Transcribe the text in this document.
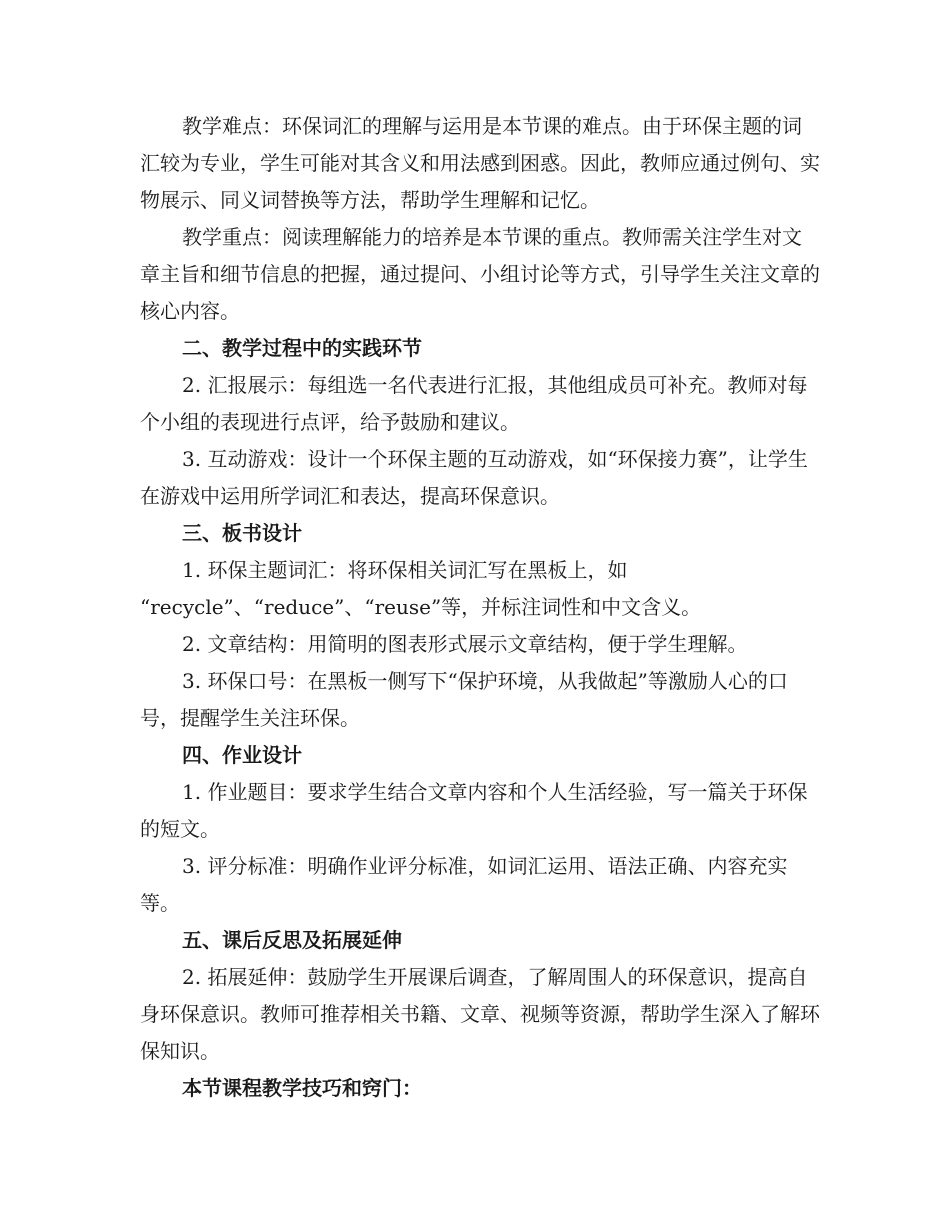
教学难点：环保词汇的理解与运用是本节课的难点。由于环保主题的词汇较为专业，学生可能对其含义和用法感到困惑。因此，教师应通过例句、实物展示、同义词替换等方法，帮助学生理解和记忆。

教学重点：阅读理解能力的培养是本节课的重点。教师需关注学生对文章主旨和细节信息的把握，通过提问、小组讨论等方式，引导学生关注文章的核心内容。

二、教学过程中的实践环节

2. 汇报展示：每组选一名代表进行汇报，其他组成员可补充。教师对每个小组的表现进行点评，给予鼓励和建议。

3. 互动游戏：设计一个环保主题的互动游戏，如“环保接力赛”，让学生在游戏中运用所学词汇和表达，提高环保意识。

三、板书设计

1. 环保主题词汇：将环保相关词汇写在黑板上，如
“recycle”、“reduce”、“reuse”等，并标注词性和中文含义。

2. 文章结构：用简明的图表形式展示文章结构，便于学生理解。

3. 环保口号：在黑板一侧写下“保护环境，从我做起”等激励人心的口号，提醒学生关注环保。

四、作业设计

1. 作业题目：要求学生结合文章内容和个人生活经验，写一篇关于环保的短文。

3. 评分标准：明确作业评分标准，如词汇运用、语法正确、内容充实等。

五、课后反思及拓展延伸

2. 拓展延伸：鼓励学生开展课后调查，了解周围人的环保意识，提高自身环保意识。教师可推荐相关书籍、文章、视频等资源，帮助学生深入了解环保知识。

本节课程教学技巧和窍门：
